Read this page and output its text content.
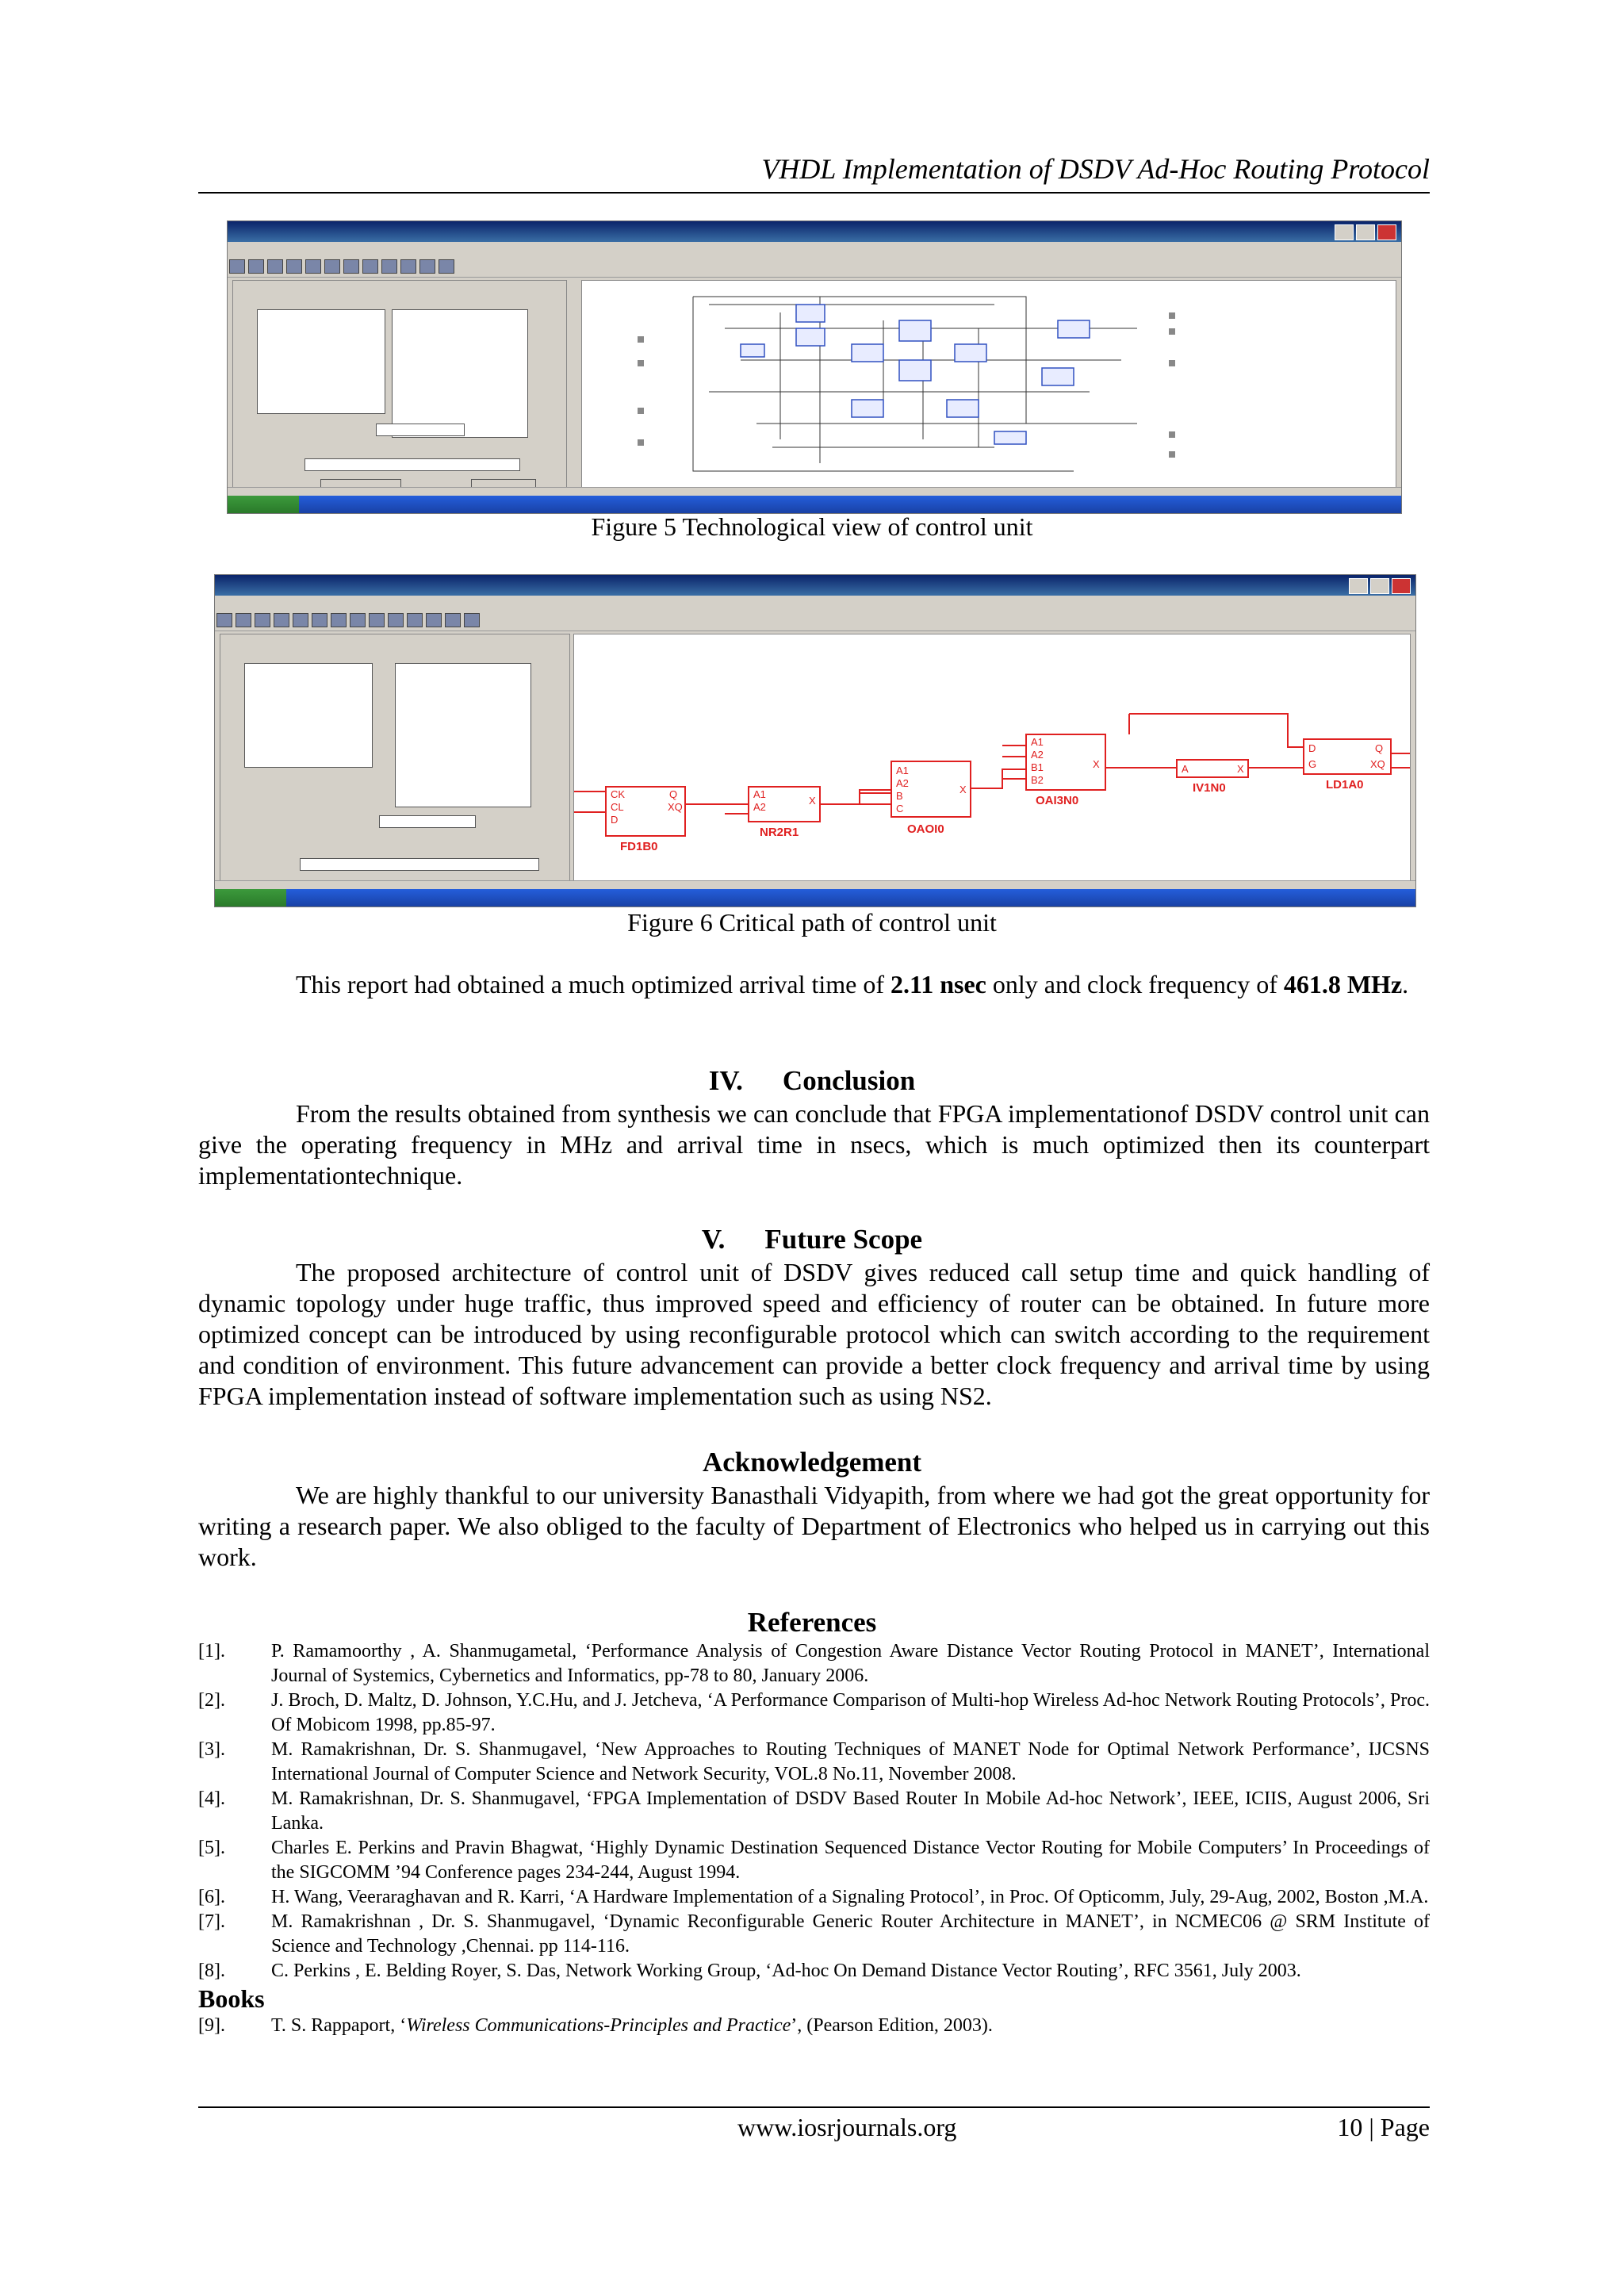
VHDL Implementation of DSDV Ad-Hoc Routing Protocol
Figure 5 Technological view of control unit
CK
CL
D
Q
XQ
A1
A2
X
A1
A2
B
C
X
A1
A2
B1
B2
X	A	X
D
G
Q
XQ
FD1B0
NR2R1	OAOI0
OAI3N0
IV1N0	LD1A0
Figure 6 Critical path of control unit
This report had obtained a much optimized arrival time of 2.11 nsec only and clock frequency of 461.8 MHz.
IV. Conclusion
From the results obtained from synthesis we can conclude that FPGA implementationof DSDV control unit can give the operating frequency in MHz and arrival time in nsecs, which is much optimized then its counterpart implementationtechnique.
V. Future Scope
The proposed architecture of control unit of DSDV gives reduced call setup time and quick handling of dynamic topology under huge traffic, thus improved speed and efficiency of router can be obtained. In future more optimized concept can be introduced by using reconfigurable protocol which can switch according to the requirement and condition of environment. This future advancement can provide a better clock frequency and arrival time by using FPGA implementation instead of software implementation such as using NS2.
Acknowledgement
We are highly thankful to our university Banasthali Vidyapith, from where we had got the great opportunity for writing a research paper. We also obliged to the faculty of Department of Electronics who helped us in carrying out this work.
References
[1].	P. Ramamoorthy , A. Shanmugametal, ‘Performance Analysis of Congestion Aware Distance Vector Routing Protocol in MANET’, International Journal of Systemics, Cybernetics and Informatics, pp-78 to 80, January 2006.
[2].	J. Broch, D. Maltz, D. Johnson, Y.C.Hu, and J. Jetcheva, ‘A Performance Comparison of Multi-hop Wireless Ad-hoc Network Routing Protocols’, Proc. Of Mobicom 1998, pp.85-97.
[3].	M. Ramakrishnan, Dr. S. Shanmugavel, ‘New Approaches to Routing Techniques of MANET Node for Optimal Network Performance’, IJCSNS International Journal of Computer Science and Network Security, VOL.8 No.11, November 2008.
[4].	M. Ramakrishnan, Dr. S. Shanmugavel, ‘FPGA Implementation of DSDV Based Router In Mobile Ad-hoc Network’, IEEE, ICIIS, August 2006, Sri Lanka.
[5].	Charles E. Perkins and Pravin Bhagwat, ‘Highly Dynamic Destination Sequenced Distance Vector Routing for Mobile Computers’ In Proceedings of the SIGCOMM ’94 Conference pages 234-244, August 1994.
[6].	H. Wang, Veeraraghavan and R. Karri, ‘A Hardware Implementation of a Signaling Protocol’, in Proc. Of Opticomm, July, 29-Aug, 2002, Boston ,M.A.
[7].	M. Ramakrishnan , Dr. S. Shanmugavel, ‘Dynamic Reconfigurable Generic Router Architecture in MANET’, in NCMEC06 @ SRM Institute of Science and Technology ,Chennai. pp 114-116.
[8].	C. Perkins , E. Belding Royer, S. Das, Network Working Group, ‘Ad-hoc On Demand Distance Vector Routing’, RFC 3561, July 2003.
Books
[9].	T. S. Rappaport, ‘Wireless Communications-Principles and Practice’, (Pearson Edition, 2003).
www.iosrjournals.org	10 | Page
